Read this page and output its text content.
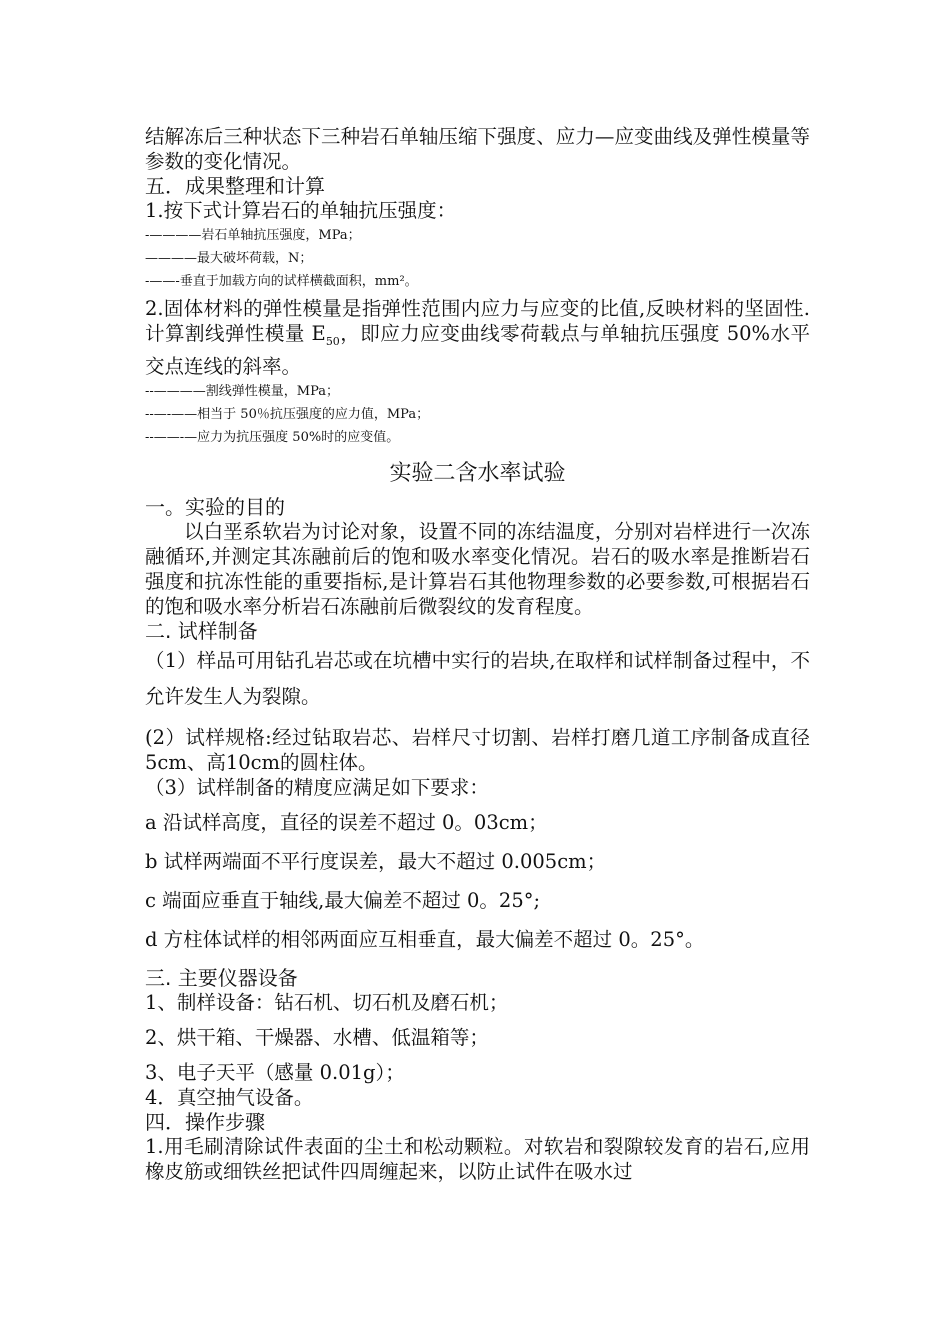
结解冻后三种状态下三种岩石单轴压缩下强度、应力—应变曲线及弹性模量等参数的变化情况。

五．成果整理和计算

1.按下式计算岩石的单轴抗压强度：

-————岩石单轴抗压强度，MPa；

————最大破坏荷载，N；

-——-垂直于加载方向的试样横截面积，mm²。

2.固体材料的弹性模量是指弹性范围内应力与应变的比值,反映材料的坚固性.计算割线弹性模量 $E_{50}$，即应力应变曲线零荷载点与单轴抗压强度 50%水平交点连线的斜率。

--————割线弹性模量，MPa；

--—-——相当于 50％抗压强度的应力值，MPa；

--——-—应力为抗压强度 50%时的应变值。

实验二含水率试验

一。实验的目的

以白垩系软岩为讨论对象，设置不同的冻结温度，分别对岩样进行一次冻融循环,并测定其冻融前后的饱和吸水率变化情况。岩石的吸水率是推断岩石强度和抗冻性能的重要指标,是计算岩石其他物理参数的必要参数,可根据岩石的饱和吸水率分析岩石冻融前后微裂纹的发育程度。

二. 试样制备

（1）样品可用钻孔岩芯或在坑槽中实行的岩块,在取样和试样制备过程中，不允许发生人为裂隙。

(2）试样规格:经过钻取岩芯、岩样尺寸切割、岩样打磨几道工序制备成直径5cm、高10cm的圆柱体。

（3）试样制备的精度应满足如下要求：

a 沿试样高度，直径的误差不超过 0。03cm；

b 试样两端面不平行度误差，最大不超过 0.005cm；

c 端面应垂直于轴线,最大偏差不超过 0。25°;

d 方柱体试样的相邻两面应互相垂直，最大偏差不超过 0。25°。

三. 主要仪器设备

1、制样设备：钻石机、切石机及磨石机；

2、烘干箱、干燥器、水槽、低温箱等；

3、电子天平（感量 0.01g）；

4．真空抽气设备。

四．操作步骤

1.用毛刷清除试件表面的尘土和松动颗粒。对软岩和裂隙较发育的岩石,应用橡皮筋或细铁丝把试件四周缠起来，以防止试件在吸水过
